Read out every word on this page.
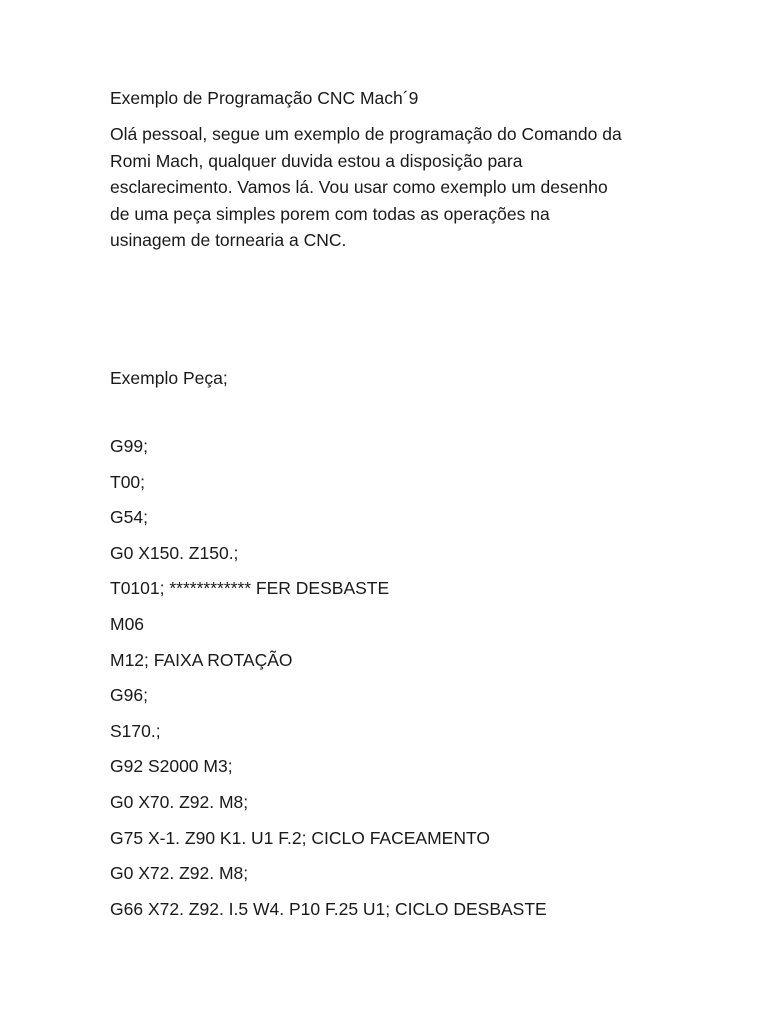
Exemplo de Programação CNC Mach´9

Olá pessoal, segue um exemplo de programação do Comando da
Romi Mach, qualquer duvida estou a disposição para
esclarecimento. Vamos lá. Vou usar como exemplo um desenho
de uma peça simples porem com todas as operações na
usinagem de tornearia a CNC.

Exemplo Peça;

G99;
T00;
G54;
G0 X150. Z150.;
T0101; ************ FER DESBASTE
M06
M12; FAIXA ROTAÇÃO
G96;
S170.;
G92 S2000 M3;
G0 X70. Z92. M8;
G75 X-1. Z90 K1. U1 F.2; CICLO FACEAMENTO
G0 X72. Z92. M8;
G66 X72. Z92. I.5 W4. P10 F.25 U1; CICLO DESBASTE
